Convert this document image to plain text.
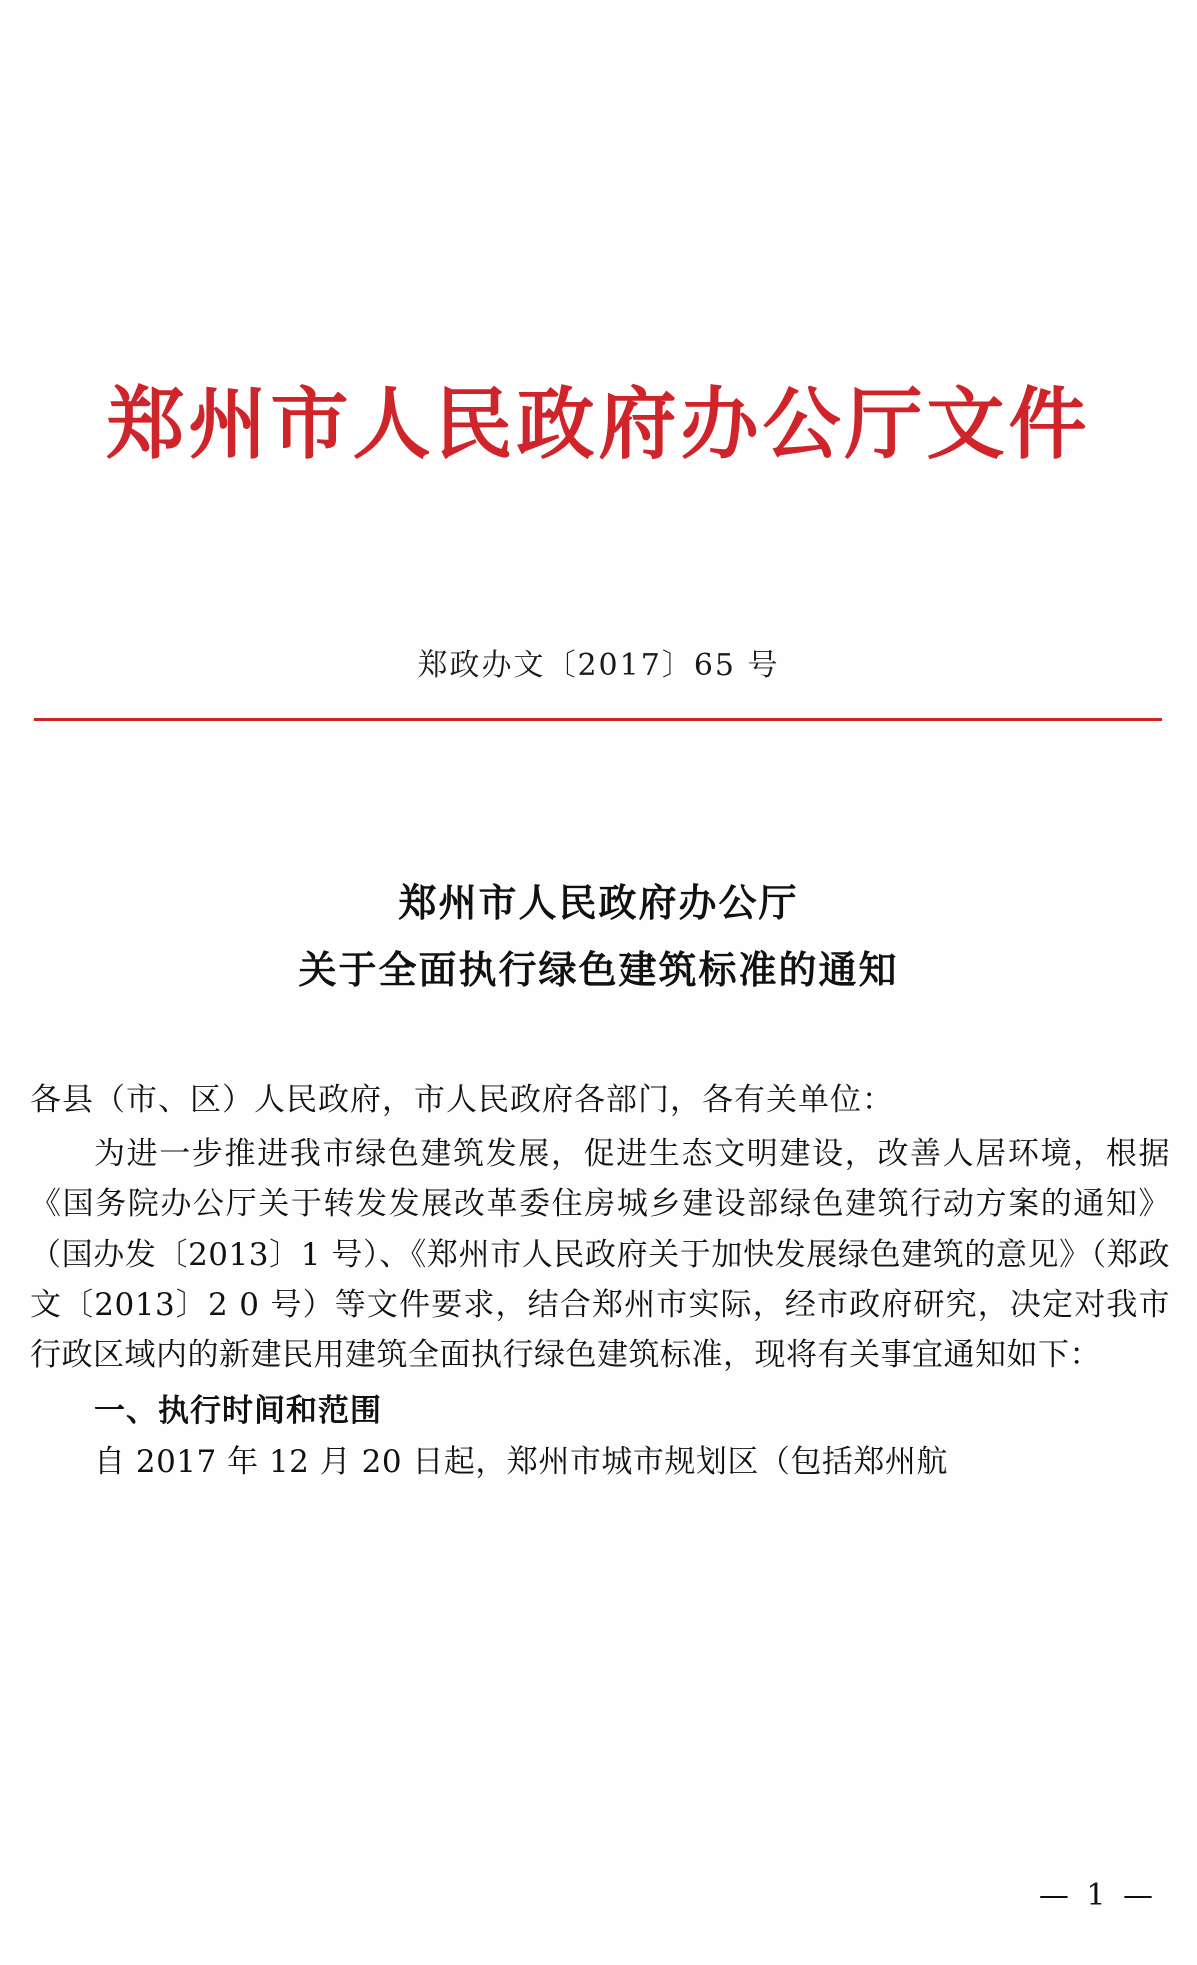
郑州市人民政府办公厅文件
郑政办文〔2017〕65 号
郑州市人民政府办公厅
关于全面执行绿色建筑标准的通知
各县（市、区）人民政府，市人民政府各部门，各有关单位：
为进一步推进我市绿色建筑发展，促进生态文明建设，改善人居环境，根据《国务院办公厅关于转发发展改革委住房城乡建设部绿色建筑行动方案的通知》（国办发〔2013〕1 号）、《郑州市人民政府关于加快发展绿色建筑的意见》（郑政文〔2013〕2 0 号）等文件要求，结合郑州市实际，经市政府研究，决定对我市行政区域内的新建民用建筑全面执行绿色建筑标准，现将有关事宜通知如下：
一、执行时间和范围
自 2017 年 12 月 20 日起，郑州市城市规划区（包括郑州航
— 1 —
